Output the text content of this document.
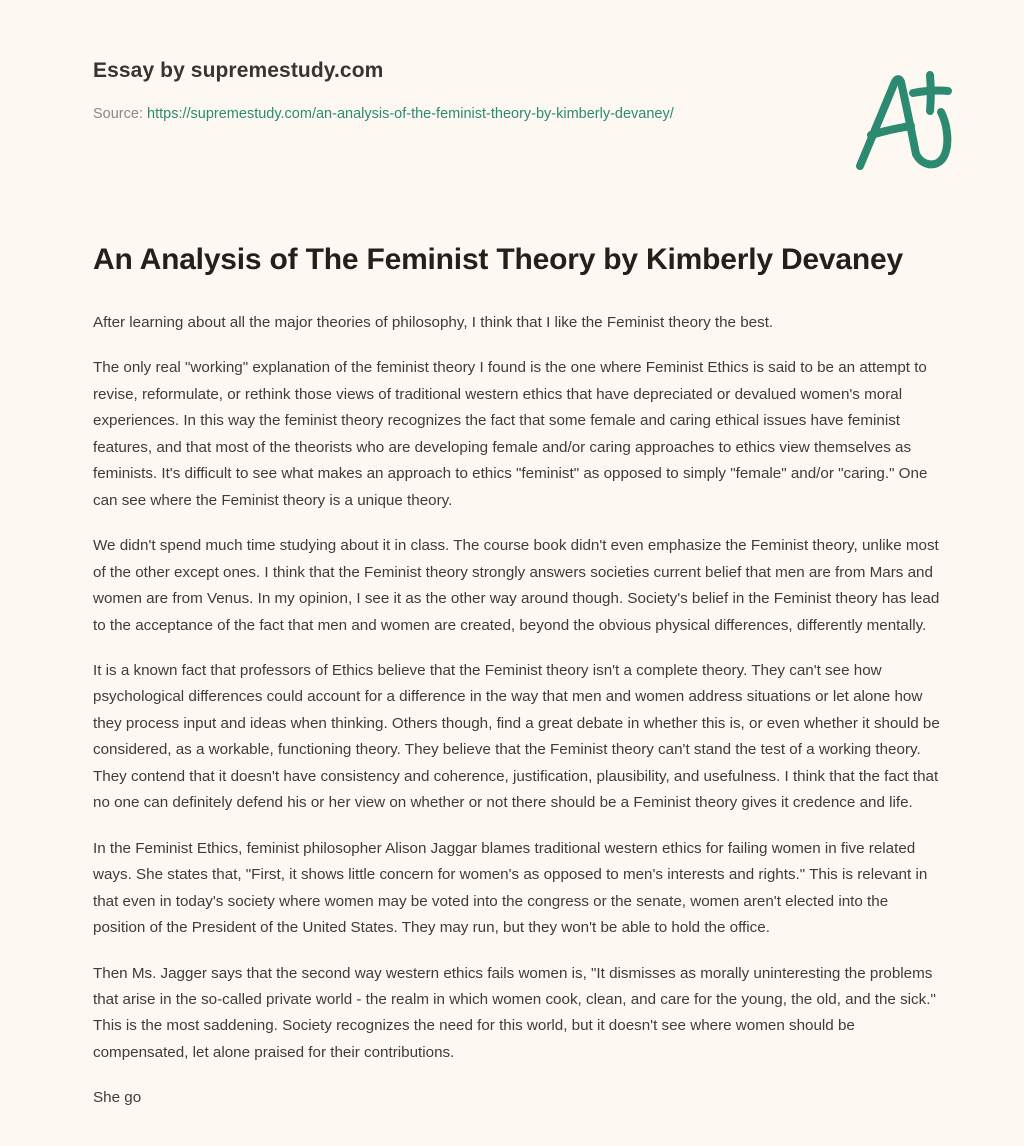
Essay by supremestudy.com
Source: https://supremestudy.com/an-analysis-of-the-feminist-theory-by-kimberly-devaney/
An Analysis of The Feminist Theory by Kimberly Devaney

After learning about all the major theories of philosophy, I think that I like the Feminist theory the best.

The only real "working" explanation of the feminist theory I found is the one where Feminist Ethics is said to be an attempt to revise, reformulate, or rethink those views of traditional western ethics that have depreciated or devalued women's moral experiences. In this way the feminist theory recognizes the fact that some female and caring ethical issues have feminist features, and that most of the theorists who are developing female and/or caring approaches to ethics view themselves as feminists. It's difficult to see what makes an approach to ethics "feminist" as opposed to simply "female" and/or "caring." One can see where the Feminist theory is a unique theory.

We didn't spend much time studying about it in class. The course book didn't even emphasize the Feminist theory, unlike most of the other except ones. I think that the Feminist theory strongly answers societies current belief that men are from Mars and women are from Venus. In my opinion, I see it as the other way around though. Society's belief in the Feminist theory has lead to the acceptance of the fact that men and women are created, beyond the obvious physical differences, differently mentally.

It is a known fact that professors of Ethics believe that the Feminist theory isn't a complete theory. They can't see how psychological differences could account for a difference in the way that men and women address situations or let alone how they process input and ideas when thinking. Others though, find a great debate in whether this is, or even whether it should be considered, as a workable, functioning theory. They believe that the Feminist theory can't stand the test of a working theory. They contend that it doesn't have consistency and coherence, justification, plausibility, and usefulness. I think that the fact that no one can definitely defend his or her view on whether or not there should be a Feminist theory gives it credence and life.

In the Feminist Ethics, feminist philosopher Alison Jaggar blames traditional western ethics for failing women in five related ways. She states that, "First, it shows little concern for women's as opposed to men's interests and rights." This is relevant in that even in today's society where women may be voted into the congress or the senate, women aren't elected into the position of the President of the United States. They may run, but they won't be able to hold the office.

Then Ms. Jagger says that the second way western ethics fails women is, "It dismisses as morally uninteresting the problems that arise in the so-called private world - the realm in which women cook, clean, and care for the young, the old, and the sick." This is the most saddening. Society recognizes the need for this world, but it doesn't see where women should be compensated, let alone praised for their contributions.

She go
